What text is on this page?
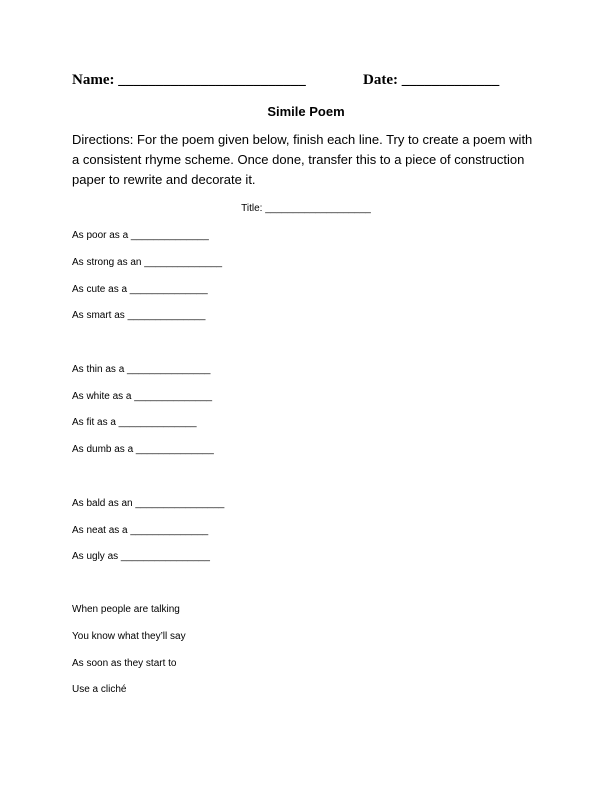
Name: _________________________	Date: _____________
Simile Poem
Directions: For the poem given below, finish each line. Try to create a poem with a consistent rhyme scheme. Once done, transfer this to a piece of construction paper to rewrite and decorate it.
Title: ___________________
As poor as a ______________
As strong as an ______________
As cute as a ______________
As smart as ______________
As thin as a _______________
As white as a ______________
As fit as a ______________
As dumb as a ______________
As bald as an ________________
As neat as a ______________
As ugly as ________________
When people are talking
You know what they’ll say
As soon as they start to
Use a cliché
